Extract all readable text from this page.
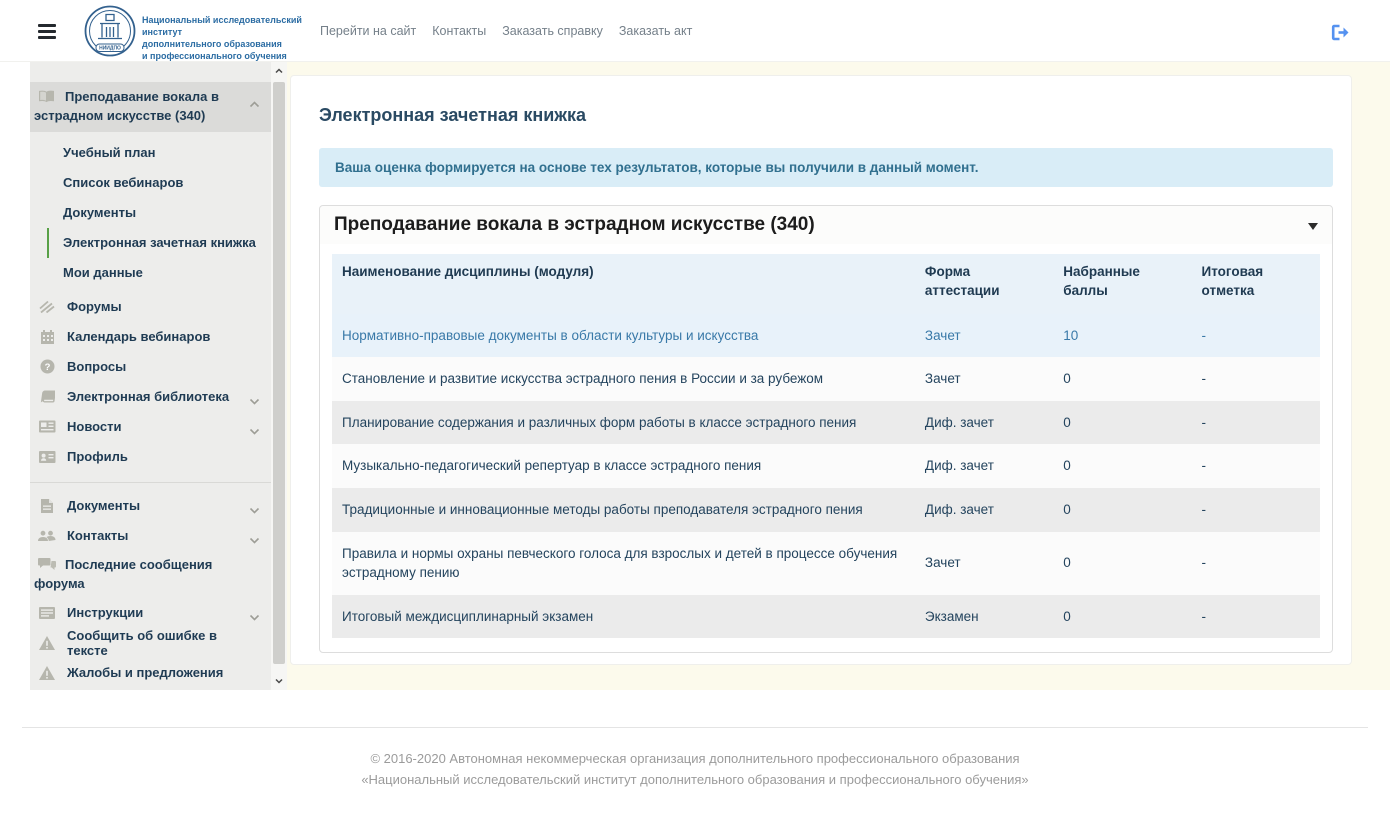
НИИДПО
Национальный исследовательский институт
дополнительного образования
и профессионального обучения
Перейти на сайт Контакты Заказать справку Заказать акт
Преподавание вокала в эстрадном искусстве (340)
Учебный план
Список вебинаров
Документы
Электронная зачетная книжка
Мои данные
Форумы
Календарь вебинаров
? Вопросы
Электронная библиотека
Новости
Профиль
Документы
Контакты
Последние сообщения форума
Инструкции
Сообщить об ошибке в тексте
Жалобы и предложения
Электронная зачетная книжка
Ваша оценка формируется на основе тех результатов, которые вы получили в данный момент.
Преподавание вокала в эстрадном искусстве (340)
Наименование дисциплины (модуля)	Форма аттестации	Набранные баллы	Итоговая отметка
Нормативно-правовые документы в области культуры и искусства	Зачет	10	-
Становление и развитие искусства эстрадного пения в России и за рубежом	Зачет	0	-
Планирование содержания и различных форм работы в классе эстрадного пения	Диф. зачет	0	-
Музыкально-педагогический репертуар в классе эстрадного пения	Диф. зачет	0	-
Традиционные и инновационные методы работы преподавателя эстрадного пения	Диф. зачет	0	-
Правила и нормы охраны певческого голоса для взрослых и детей в процессе обучения эстрадному пению	Зачет	0	-
Итоговый междисциплинарный экзамен	Экзамен	0	-
© 2016-2020 Автономная некоммерческая организация дополнительного профессионального образования
«Национальный исследовательский институт дополнительного образования и профессионального обучения»
